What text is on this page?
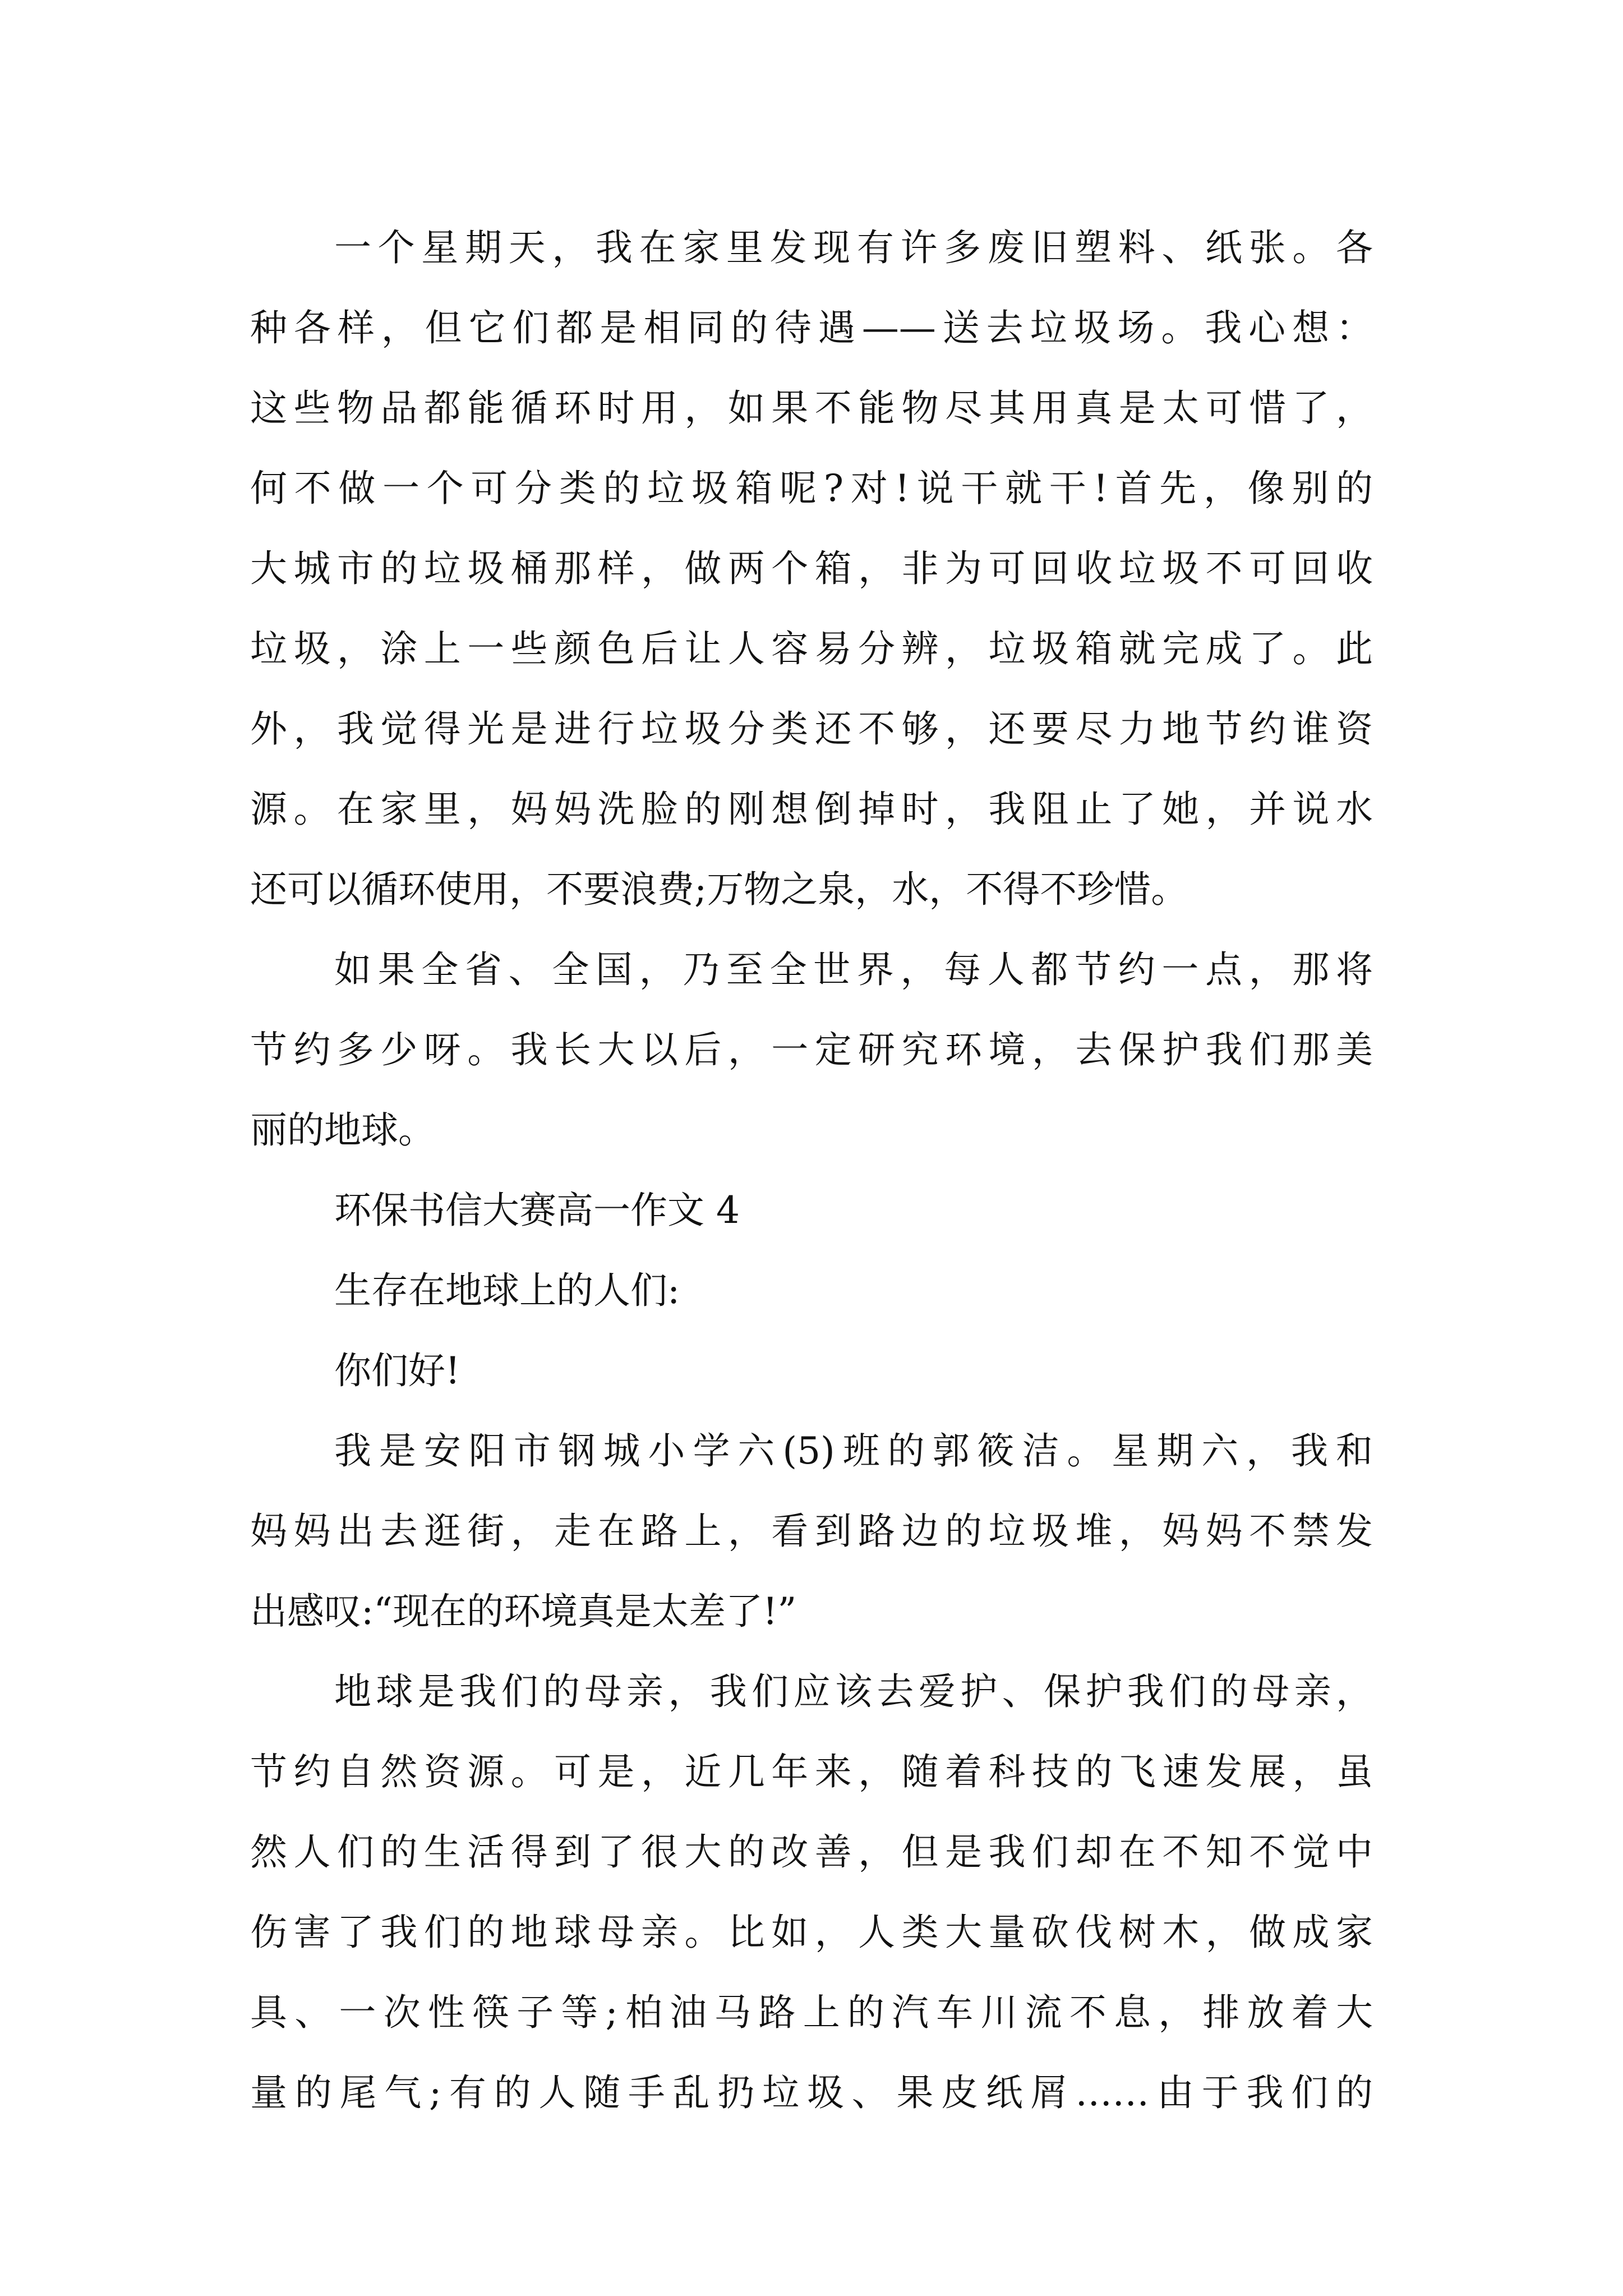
一个星期天，我在家里发现有许多废旧塑料、纸张。各
种各样，但它们都是相同的待遇——送去垃圾场。我心想：
这些物品都能循环时用，如果不能物尽其用真是太可惜了，
何不做一个可分类的垃圾箱呢?对!说干就干!首先，像别的
大城市的垃圾桶那样，做两个箱，非为可回收垃圾不可回收
垃圾，涂上一些颜色后让人容易分辨，垃圾箱就完成了。此
外，我觉得光是进行垃圾分类还不够，还要尽力地节约谁资
源。在家里，妈妈洗脸的刚想倒掉时，我阻止了她，并说水
还可以循环使用，不要浪费;万物之泉，水，不得不珍惜。
如果全省、全国，乃至全世界，每人都节约一点，那将
节约多少呀。我长大以后，一定研究环境，去保护我们那美
丽的地球。
环保书信大赛高一作文 4
生存在地球上的人们:
你们好!
我是安阳市钢城小学六(5)班的郭筱洁。星期六，我和
妈妈出去逛街，走在路上，看到路边的垃圾堆，妈妈不禁发
出感叹:“现在的环境真是太差了!”
地球是我们的母亲，我们应该去爱护、保护我们的母亲，
节约自然资源。可是，近几年来，随着科技的飞速发展，虽
然人们的生活得到了很大的改善，但是我们却在不知不觉中
伤害了我们的地球母亲。比如，人类大量砍伐树木，做成家
具、一次性筷子等;柏油马路上的汽车川流不息，排放着大
量的尾气;有的人随手乱扔垃圾、果皮纸屑……由于我们的
